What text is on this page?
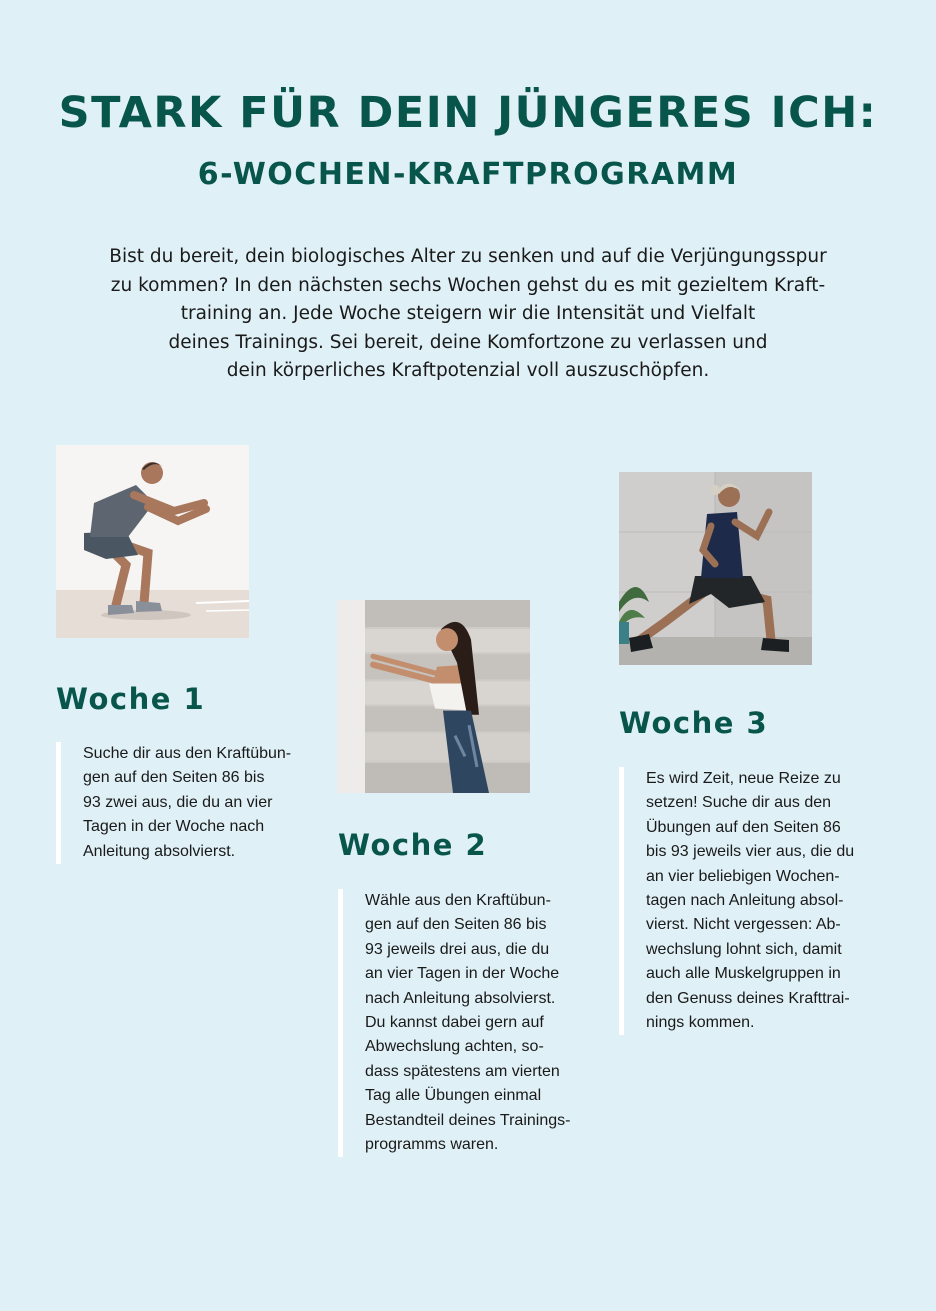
STARK FÜR DEIN JÜNGERES ICH:
6-WOCHEN-KRAFTPROGRAMM
Bist du bereit, dein biologisches Alter zu senken und auf die Verjüngungsspur
zu kommen? In den nächsten sechs Wochen gehst du es mit gezieltem Kraft-
training an. Jede Woche steigern wir die Intensität und Vielfalt
deines Trainings. Sei bereit, deine Komfortzone zu verlassen und
dein körperliches Kraftpotenzial voll auszuschöpfen.
Woche 1
Suche dir aus den Kraftübun-
gen auf den Seiten 86 bis
93 zwei aus, die du an vier
Tagen in der Woche nach
Anleitung absolvierst.	Woche 2
Wähle aus den Kraftübun-
gen auf den Seiten 86 bis
93 jeweils drei aus, die du
an vier Tagen in der Woche
nach Anleitung absolvierst.
Du kannst dabei gern auf
Abwechslung achten, so-
dass spätestens am vierten
Tag alle Übungen einmal
Bestandteil deines Trainings-
programms waren.
Woche 3
Es wird Zeit, neue Reize zu
setzen! Suche dir aus den
Übungen auf den Seiten 86
bis 93 jeweils vier aus, die du
an vier beliebigen Wochen-
tagen nach Anleitung absol-
vierst. Nicht vergessen: Ab-
wechslung lohnt sich, damit
auch alle Muskelgruppen in
den Genuss deines Krafttrai-
nings kommen.
